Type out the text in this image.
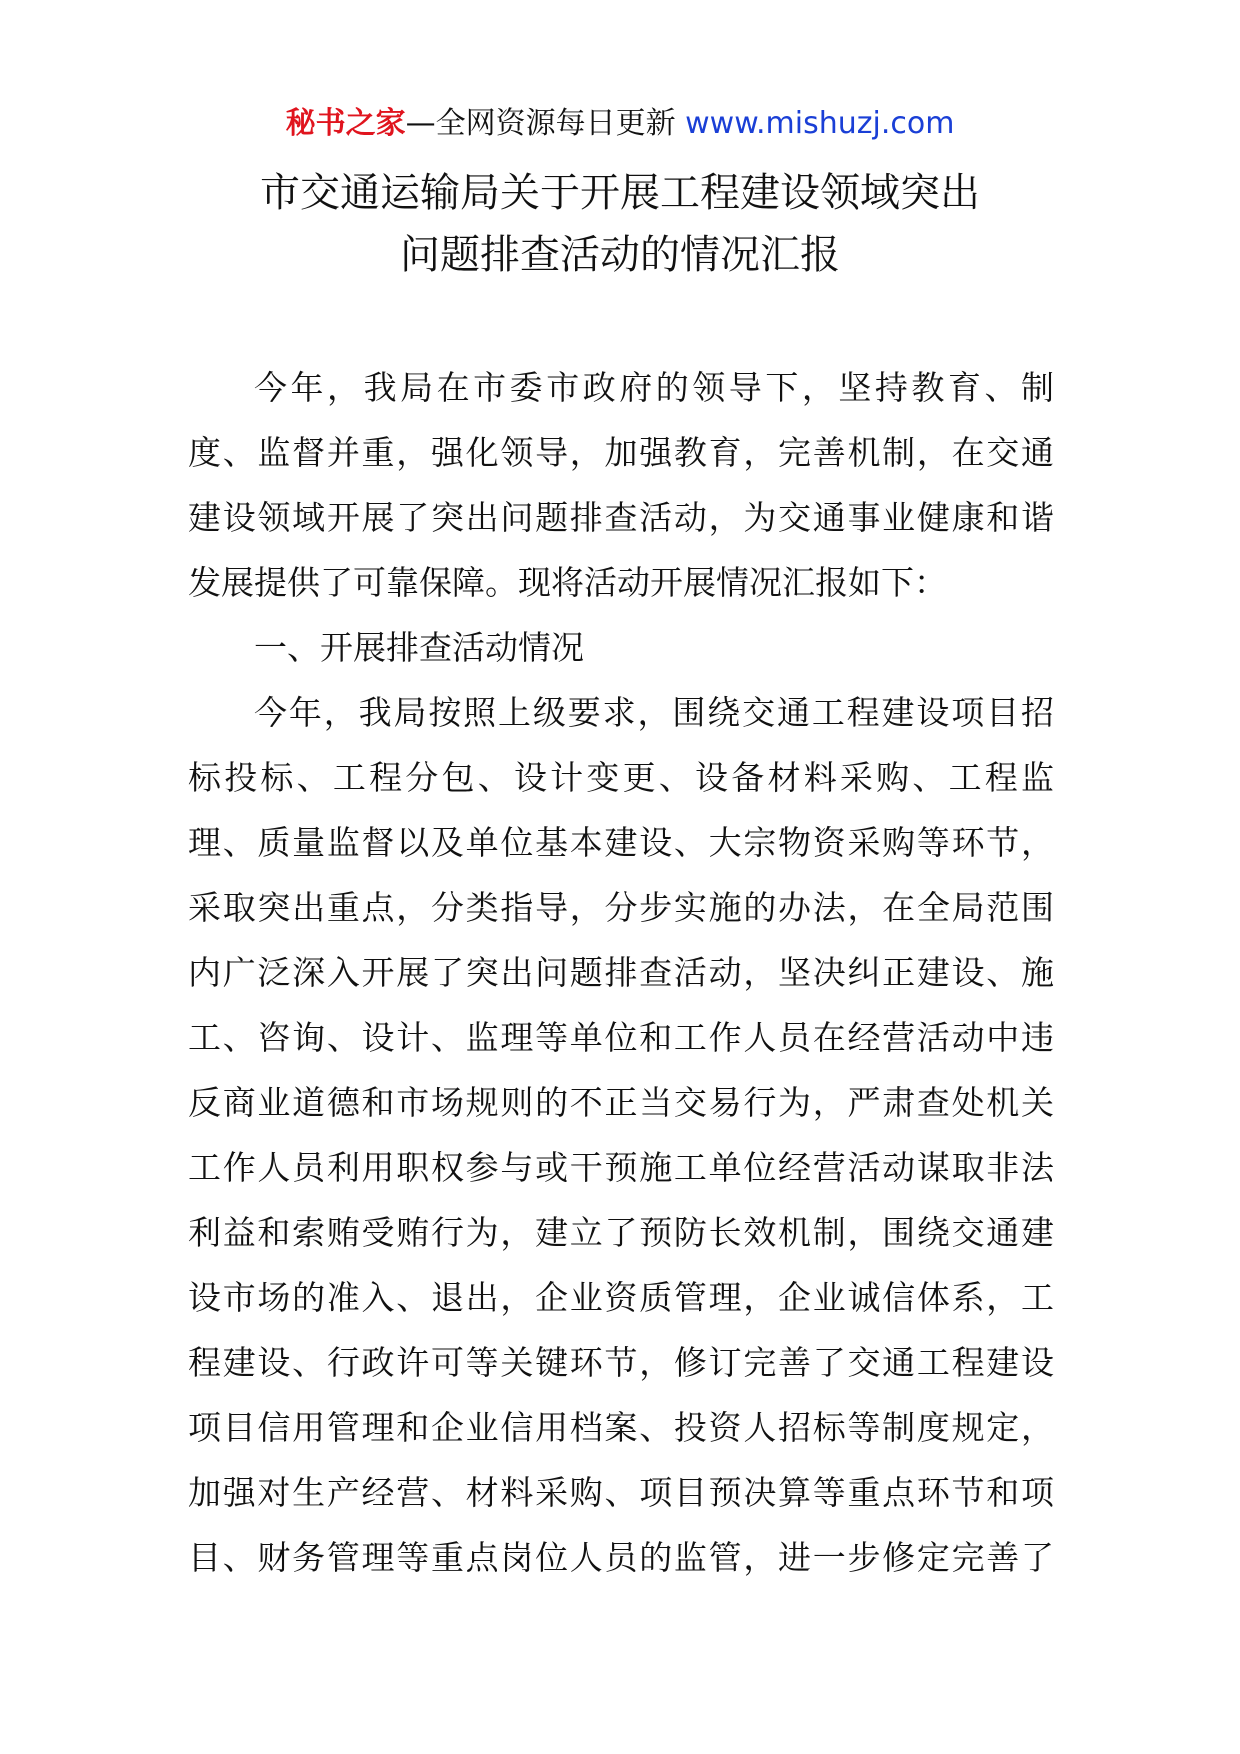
秘书之家—全网资源每日更新 www.mishuzj.com
市交通运输局关于开展工程建设领域突出
问题排查活动的情况汇报
今年，我局在市委市政府的领导下，坚持教育、制
度、监督并重，强化领导，加强教育，完善机制，在交通
建设领域开展了突出问题排查活动，为交通事业健康和谐
发展提供了可靠保障。现将活动开展情况汇报如下：
一、开展排查活动情况
今年，我局按照上级要求，围绕交通工程建设项目招
标投标、工程分包、设计变更、设备材料采购、工程监
理、质量监督以及单位基本建设、大宗物资采购等环节，
采取突出重点，分类指导，分步实施的办法，在全局范围
内广泛深入开展了突出问题排查活动，坚决纠正建设、施
工、咨询、设计、监理等单位和工作人员在经营活动中违
反商业道德和市场规则的不正当交易行为，严肃查处机关
工作人员利用职权参与或干预施工单位经营活动谋取非法
利益和索贿受贿行为，建立了预防长效机制，围绕交通建
设市场的准入、退出，企业资质管理，企业诚信体系，工
程建设、行政许可等关键环节，修订完善了交通工程建设
项目信用管理和企业信用档案、投资人招标等制度规定，
加强对生产经营、材料采购、项目预决算等重点环节和项
目、财务管理等重点岗位人员的监管，进一步修定完善了
